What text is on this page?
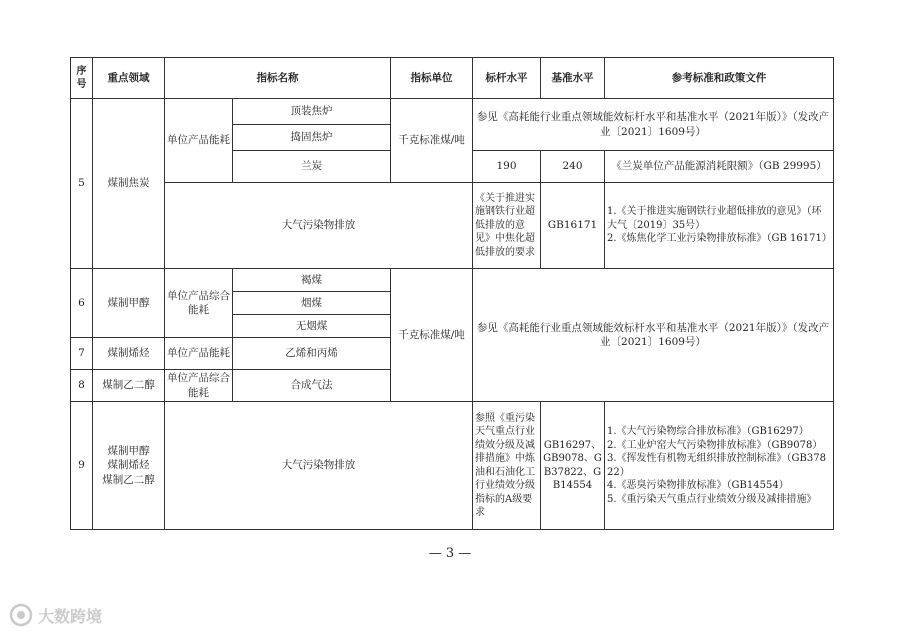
序号	重点领域	指标名称		指标单位	标杆水平	基准水平	参考标准和政策文件
5	煤制焦炭	单位产品能耗	顶装焦炉	千克标准煤/吨	参见《高耗能行业重点领域能效标杆水平和基准水平（2021年版）》（发改产业〔2021〕1609号）		
			捣固焦炉				
			兰炭		190	240	《兰炭单位产品能源消耗限额》（GB 29995）
		大气污染物排放			《关于推进实施钢铁行业超低排放的意见》中焦化超低排放的要求	GB16171	1.《关于推进实施钢铁行业超低排放的意见》（环大气〔2019〕35号）
2.《炼焦化学工业污染物排放标准》（GB 16171）
6	煤制甲醇	单位产品综合能耗	褐煤	千克标准煤/吨	参见《高耗能行业重点领域能效标杆水平和基准水平（2021年版）》（发改产业〔2021〕1609号）		
			烟煤				
			无烟煤				
7	煤制烯烃	单位产品能耗	乙烯和丙烯				
8	煤制乙二醇	单位产品综合能耗	合成气法				
9	煤制甲醇
煤制烯烃
煤制乙二醇	大气污染物排放			参照《重污染天气重点行业绩效分级及减排措施》中炼油和石油化工行业绩效分级指标的A级要求	GB16297、GB9078、GB37822、GB14554	1.《大气污染物综合排放标准》（GB16297）
2.《工业炉窑大气污染物排放标准》（GB9078）
3.《挥发性有机物无组织排放控制标准》（GB37822）
4.《恶臭污染物排放标准》（GB14554）
5.《重污染天气重点行业绩效分级及减排措施》
— 3 —
大数跨境
